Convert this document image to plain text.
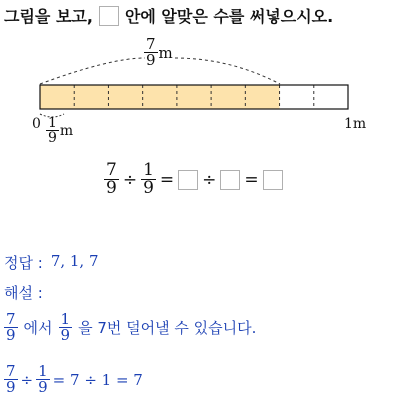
그림을 보고, 안에 알맞은 수를 써넣으시오.
$\frac{7}{9}$ m
$0 \frac{1}{9}$ m	1m
$\frac{7}{9} \div \frac{1}{9}$ = ÷ =
정답 : 7, 1, 7
해설 :
$\frac{7}{9}$ 에서 $\frac{1}{9}$ 을 7번 덜어낼 수 있습니다.
$\frac{7}{9} \div \frac{1}{9} = 7 \div 1 = 7$
